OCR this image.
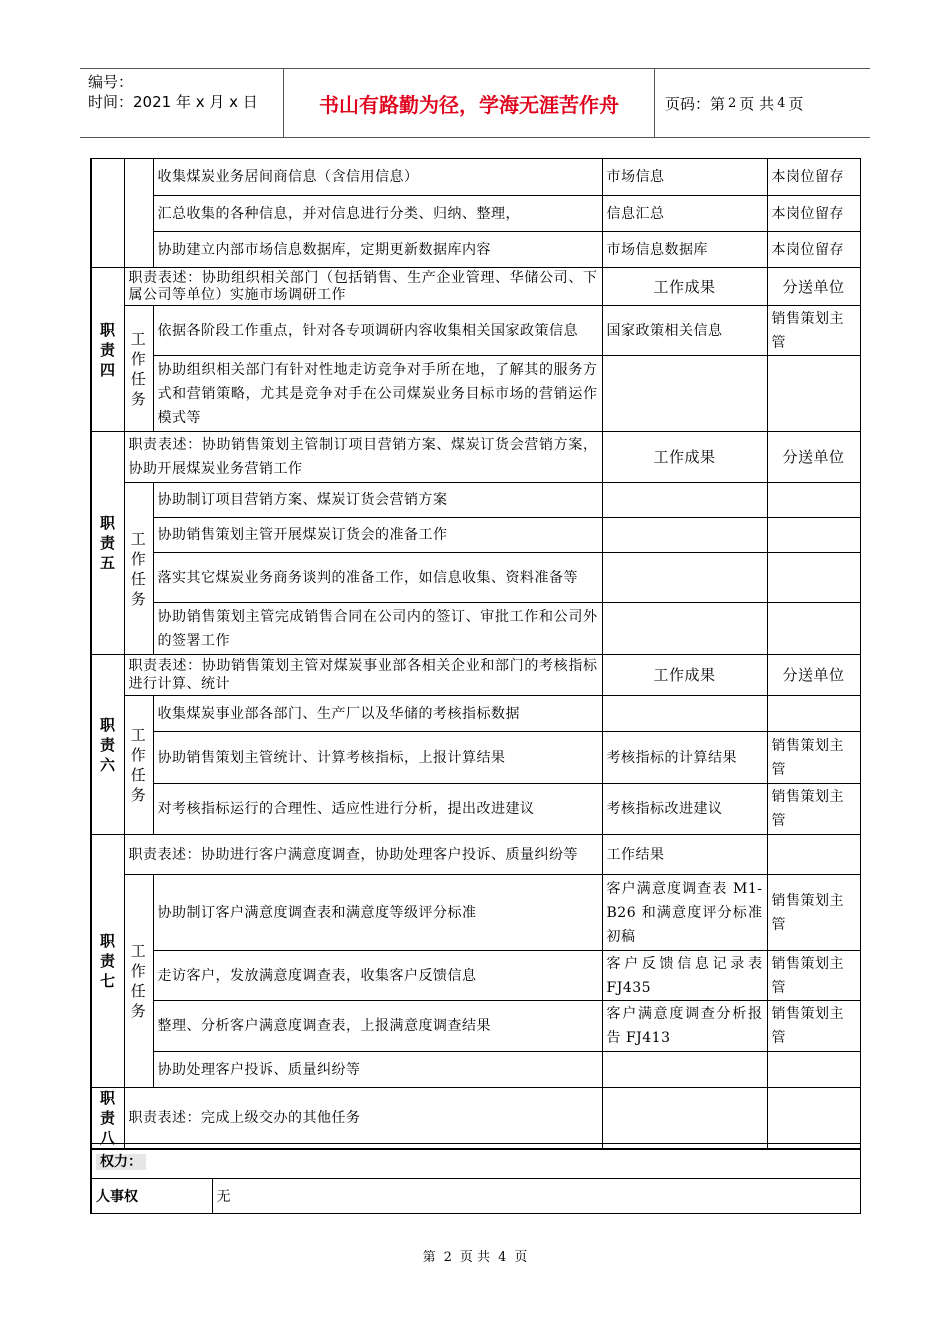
编号：
时间：2021 年 x 月 x 日	书山有路勤为径，学海无涯苦作舟	页码：第 2 页 共 4 页
		收集煤炭业务居间商信息（含信用信息）	市场信息	本岗位留存
		汇总收集的各种信息，并对信息进行分类、归纳、整理，	信息汇总	本岗位留存
		协助建立内部市场信息数据库，定期更新数据库内容	市场信息数据库	本岗位留存
职责四	职责表述：协助组织相关部门（包括销售、生产企业管理、华储公司、下属公司等单位）实施市场调研工作		工作成果	分送单位
	工作任务	依据各阶段工作重点，针对各专项调研内容收集相关国家政策信息	国家政策相关信息	销售策划主管
		协助组织相关部门有针对性地走访竞争对手所在地，了解其的服务方式和营销策略，尤其是竞争对手在公司煤炭业务目标市场的营销运作模式等		
职责五	职责表述：协助销售策划主管制订项目营销方案、煤炭订货会营销方案，协助开展煤炭业务营销工作		工作成果	分送单位
	工作任务	协助制订项目营销方案、煤炭订货会营销方案		
		协助销售策划主管开展煤炭订货会的准备工作		
		落实其它煤炭业务商务谈判的准备工作，如信息收集、资料准备等		
		协助销售策划主管完成销售合同在公司内的签订、审批工作和公司外的签署工作		
职责六	职责表述：协助销售策划主管对煤炭事业部各相关企业和部门的考核指标进行计算、统计		工作成果	分送单位
	工作任务	收集煤炭事业部各部门、生产厂以及华储的考核指标数据		
		协助销售策划主管统计、计算考核指标，上报计算结果	考核指标的计算结果	销售策划主管
		对考核指标运行的合理性、适应性进行分析，提出改进建议	考核指标改进建议	销售策划主管
职责七	职责表述：协助进行客户满意度调查，协助处理客户投诉、质量纠纷等		工作结果	
	工作任务	协助制订客户满意度调查表和满意度等级评分标准	客户满意度调查表 M1-B26 和满意度评分标准初稿	销售策划主管
		走访客户，发放满意度调查表，收集客户反馈信息	客户反馈信息记录表 FJ435	销售策划主管
		整理、分析客户满意度调查表，上报满意度调查结果	客户满意度调查分析报告 FJ413	销售策划主管
		协助处理客户投诉、质量纠纷等		
职责八	职责表述：完成上级交办的其他任务			
权力：
人事权	无
第 2 页 共 4 页
